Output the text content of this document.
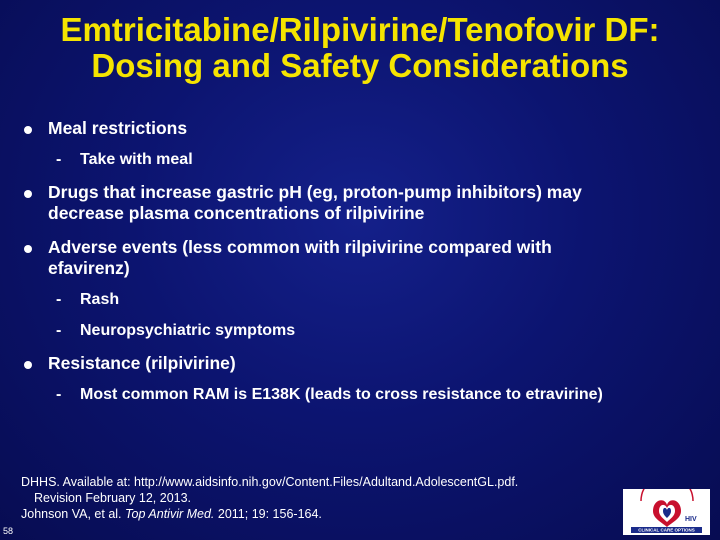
Emtricitabine/Rilpivirine/Tenofovir DF:
Dosing and Safety Considerations
Meal restrictions
- Take with meal
Drugs that increase gastric pH (eg, proton-pump inhibitors) may
decrease plasma concentrations of rilpivirine
Adverse events (less common with rilpivirine compared with
efavirenz)
- Rash
- Neuropsychiatric symptoms
Resistance (rilpivirine)
- Most common RAM is E138K (leads to cross resistance to etravirine)
DHHS. Available at: http://www.aidsinfo.nih.gov/Content.Files/Adultand.AdolescentGL.pdf.
Revision February 12, 2013.
Johnson VA, et al. Top Antivir Med. 2011; 19: 156-164.
CLINICAL CARE OPTIONS
HIV
58
